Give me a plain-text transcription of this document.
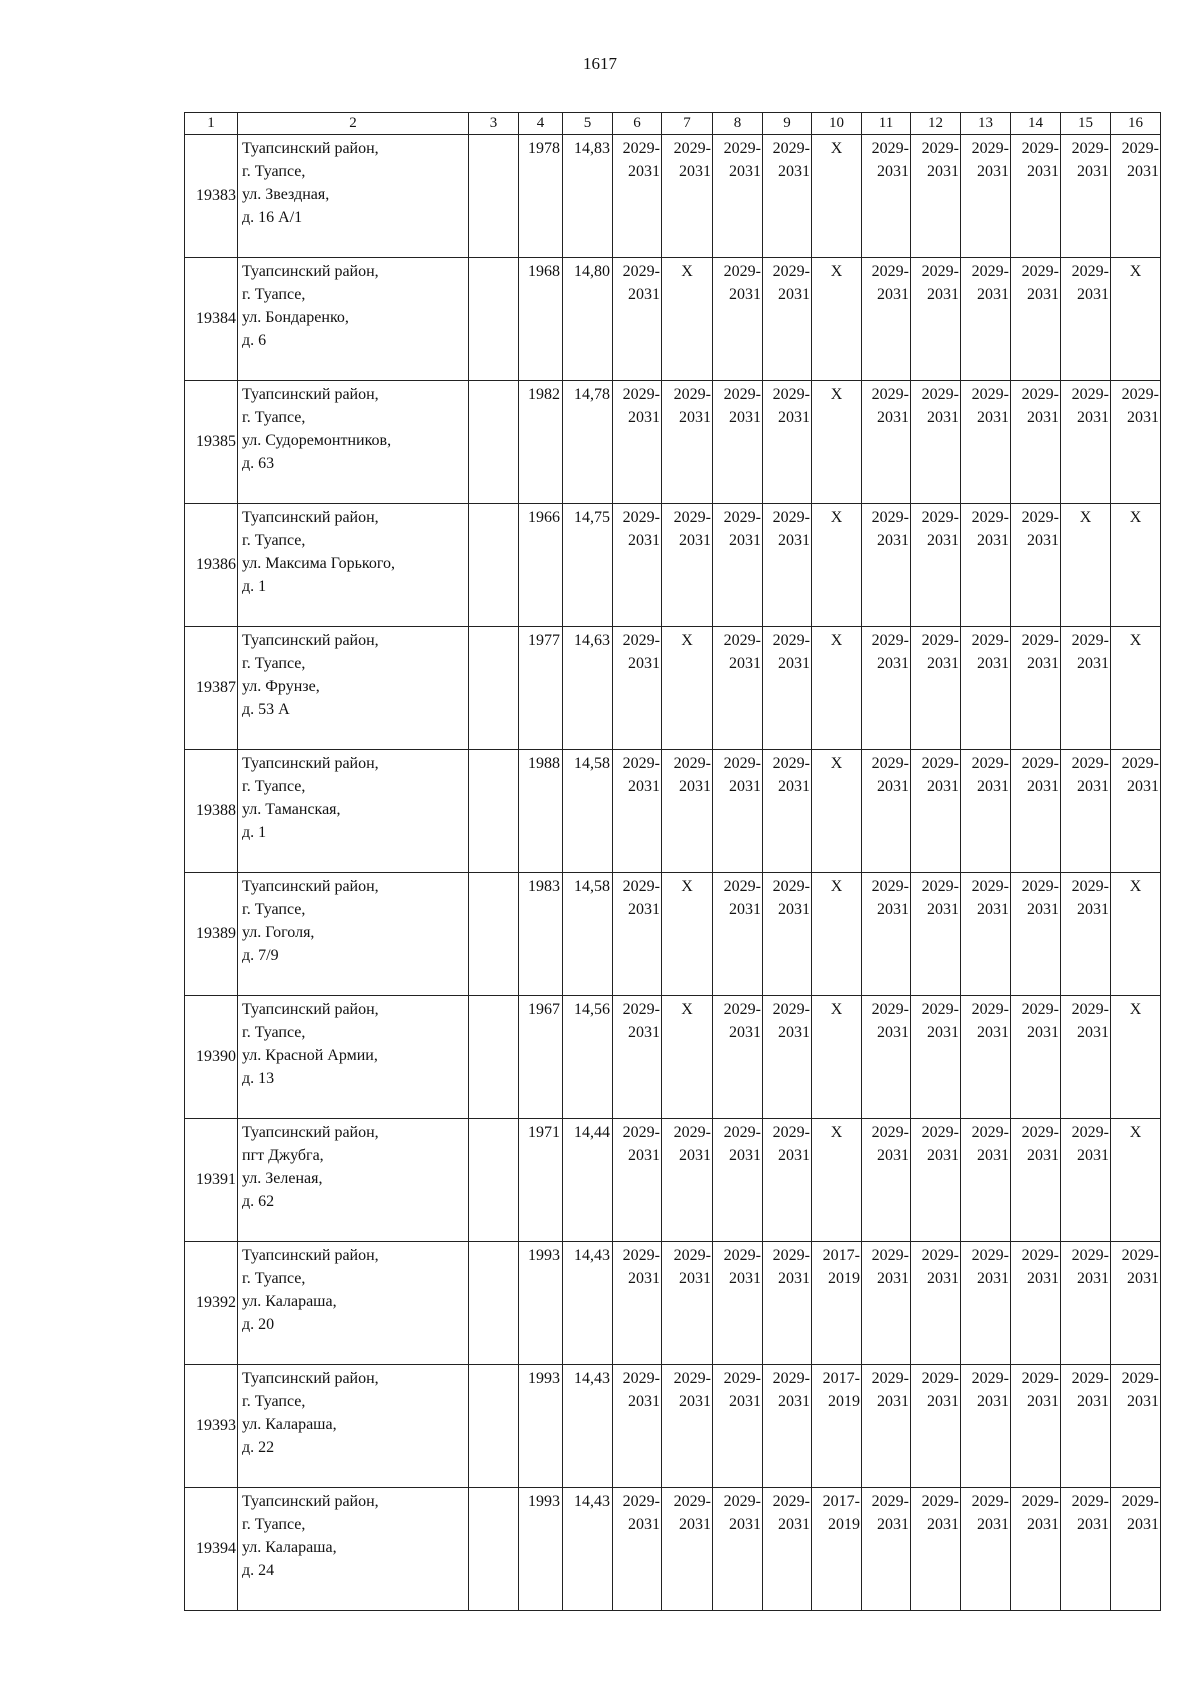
1617
1	2	3	4	5	6	7	8	9	10	11	12	13	14	15	16
19383	Туапсинский район,
г. Туапсе,
ул. Звездная,
д. 16 А/1		1978	14,83	2029-
2031	2029-
2031	2029-
2031	2029-
2031	Х	2029-
2031	2029-
2031	2029-
2031	2029-
2031	2029-
2031	2029-
2031

19384	Туапсинский район,
г. Туапсе,
ул. Бондаренко,
д. 6		1968	14,80	2029-
2031	Х	2029-
2031	2029-
2031	Х	2029-
2031	2029-
2031	2029-
2031	2029-
2031	2029-
2031	Х

19385	Туапсинский район,
г. Туапсе,
ул. Судоремонтников,
д. 63		1982	14,78	2029-
2031	2029-
2031	2029-
2031	2029-
2031	Х	2029-
2031	2029-
2031	2029-
2031	2029-
2031	2029-
2031	2029-
2031

19386	Туапсинский район,
г. Туапсе,
ул. Максима Горького,
д. 1		1966	14,75	2029-
2031	2029-
2031	2029-
2031	2029-
2031	Х	2029-
2031	2029-
2031	2029-
2031	2029-
2031	Х	Х

19387	Туапсинский район,
г. Туапсе,
ул. Фрунзе,
д. 53 А		1977	14,63	2029-
2031	Х	2029-
2031	2029-
2031	Х	2029-
2031	2029-
2031	2029-
2031	2029-
2031	2029-
2031	Х

19388	Туапсинский район,
г. Туапсе,
ул. Таманская,
д. 1		1988	14,58	2029-
2031	2029-
2031	2029-
2031	2029-
2031	Х	2029-
2031	2029-
2031	2029-
2031	2029-
2031	2029-
2031	2029-
2031

19389	Туапсинский район,
г. Туапсе,
ул. Гоголя,
д. 7/9		1983	14,58	2029-
2031	Х	2029-
2031	2029-
2031	Х	2029-
2031	2029-
2031	2029-
2031	2029-
2031	2029-
2031	Х

19390	Туапсинский район,
г. Туапсе,
ул. Красной Армии,
д. 13		1967	14,56	2029-
2031	Х	2029-
2031	2029-
2031	Х	2029-
2031	2029-
2031	2029-
2031	2029-
2031	2029-
2031	Х

19391	Туапсинский район,
пгт Джубга,
ул. Зеленая,
д. 62		1971	14,44	2029-
2031	2029-
2031	2029-
2031	2029-
2031	Х	2029-
2031	2029-
2031	2029-
2031	2029-
2031	2029-
2031	Х

19392	Туапсинский район,
г. Туапсе,
ул. Калараша,
д. 20		1993	14,43	2029-
2031	2029-
2031	2029-
2031	2029-
2031	2017-
2019	2029-
2031	2029-
2031	2029-
2031	2029-
2031	2029-
2031	2029-
2031

19393	Туапсинский район,
г. Туапсе,
ул. Калараша,
д. 22		1993	14,43	2029-
2031	2029-
2031	2029-
2031	2029-
2031	2017-
2019	2029-
2031	2029-
2031	2029-
2031	2029-
2031	2029-
2031	2029-
2031

19394	Туапсинский район,
г. Туапсе,
ул. Калараша,
д. 24		1993	14,43	2029-
2031	2029-
2031	2029-
2031	2029-
2031	2017-
2019	2029-
2031	2029-
2031	2029-
2031	2029-
2031	2029-
2031	2029-
2031
